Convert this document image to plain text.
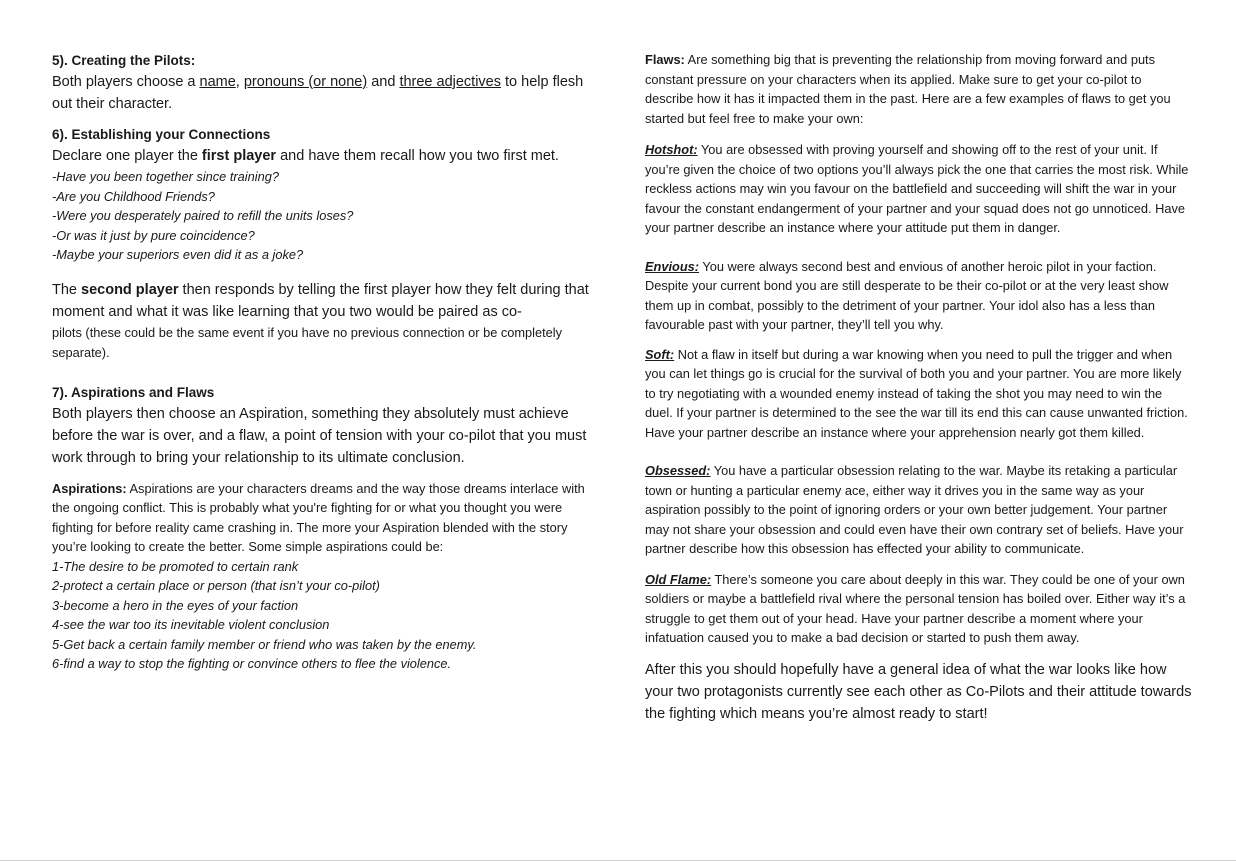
5). Creating the Pilots:

Both players choose a name, pronouns (or none) and three adjectives to help flesh out their character.

6). Establishing your Connections

Declare one player the first player and have them recall how you two first met.

-Have you been together since training?
-Are you Childhood Friends?
-Were you desperately paired to refill the units loses?
-Or was it just by pure coincidence?
-Maybe your superiors even did it as a joke?

The second player then responds by telling the first player how they felt during that moment and what it was like learning that you two would be paired as co-

pilots (these could be the same event if you have no previous connection or be completely separate).

7). Aspirations and Flaws

Both players then choose an Aspiration, something they absolutely must achieve before the war is over, and a flaw, a point of tension with your co-pilot that you must work through to bring your relationship to its ultimate conclusion.

Aspirations: Aspirations are your characters dreams and the way those dreams interlace with the ongoing conflict. This is probably what you're fighting for or what you thought you were fighting for before reality came crashing in. The more your Aspiration blended with the story you’re looking to create the better. Some simple aspirations could be:

1-The desire to be promoted to certain rank
2-protect a certain place or person (that isn’t your co-pilot)
3-become a hero in the eyes of your faction
4-see the war too its inevitable violent conclusion
5-Get back a certain family member or friend who was taken by the enemy.
6-find a way to stop the fighting or convince others to flee the violence.

Flaws: Are something big that is preventing the relationship from moving forward and puts constant pressure on your characters when its applied. Make sure to get your co-pilot to describe how it has it impacted them in the past. Here are a few examples of flaws to get you started but feel free to make your own:

Hotshot: You are obsessed with proving yourself and showing off to the rest of your unit. If you’re given the choice of two options you’ll always pick the one that carries the most risk. While reckless actions may win you favour on the battlefield and succeeding will shift the war in your favour the constant endangerment of your partner and your squad does not go unnoticed. Have your partner describe an instance where your attitude put them in danger.

Envious: You were always second best and envious of another heroic pilot in your faction. Despite your current bond you are still desperate to be their co-pilot or at the very least show them up in combat, possibly to the detriment of your partner. Your idol also has a less than favourable past with your partner, they’ll tell you why.

Soft: Not a flaw in itself but during a war knowing when you need to pull the trigger and when you can let things go is crucial for the survival of both you and your partner. You are more likely to try negotiating with a wounded enemy instead of taking the shot you may need to win the duel. If your partner is determined to the see the war till its end this can cause unwanted friction. Have your partner describe an instance where your apprehension nearly got them killed.

Obsessed: You have a particular obsession relating to the war. Maybe its retaking a particular town or hunting a particular enemy ace, either way it drives you in the same way as your aspiration possibly to the point of ignoring orders or your own better judgement. Your partner may not share your obsession and could even have their own contrary set of beliefs. Have your partner describe how this obsession has effected your ability to communicate.

Old Flame: There’s someone you care about deeply in this war. They could be one of your own soldiers or maybe a battlefield rival where the personal tension has boiled over. Either way it’s a struggle to get them out of your head. Have your partner describe a moment where your infatuation caused you to make a bad decision or started to push them away.

After this you should hopefully have a general idea of what the war looks like how your two protagonists currently see each other as Co-Pilots and their attitude towards the fighting which means you’re almost ready to start!
